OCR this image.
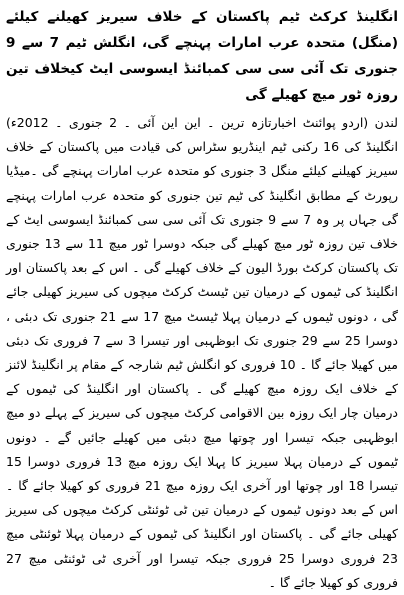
انگلینڈ کرکٹ ٹیم پاکستان کے خلاف سیریز کھیلنے کیلئے (منگل) متحدہ عرب امارات پہنچے گی، انگلش ٹیم 7 سے 9 جنوری تک آئی سی سی کمبائنڈ ایسوسی ایٹ کیخلاف تین روزہ ٹور میچ کھیلے گی

لندن (اردو پوائنٹ اخبارتازہ ترین ۔ این این آئی ۔ 2 جنوری ۔ 2012ء) انگلینڈ کی 16 رکنی ٹیم اینڈریو سٹراس کی قیادت میں پاکستان کے خلاف سیریز کھیلنے کیلئے منگل 3 جنوری کو متحدہ عرب امارات پہنچے گی ۔میڈیا رپورٹ کے مطابق انگلینڈ کی ٹیم تین جنوری کو متحدہ عرب امارات پہنچے گی جہاں پر وہ 7 سے 9 جنوری تک آئی سی سی کمبائنڈ ایسوسی ایٹ کے خلاف تین روزہ ٹور میچ کھیلے گی جبکہ دوسرا ٹور میچ 11 سے 13 جنوری تک پاکستان کرکٹ بورڈ الیون کے خلاف کھیلے گی ۔ اس کے بعد پاکستان اور انگلینڈ کی ٹیموں کے درمیان تین ٹیسٹ کرکٹ میچوں کی سیریز کھیلی جائے گی ، دونوں ٹیموں کے درمیان پہلا ٹیسٹ میچ 17 سے 21 جنوری تک دبئی ، دوسرا 25 سے 29 جنوری تک ابوظہبی اور تیسرا 3 سے 7 فروری تک دبئی میں کھیلا جائے گا ۔ 10 فروری کو انگلش ٹیم شارجہ کے مقام پر انگلینڈ لائنز کے خلاف ایک روزہ میچ کھیلے گی ۔ پاکستان اور انگلینڈ کی ٹیموں کے درمیان چار ایک روزہ بین الاقوامی کرکٹ میچوں کی سیریز کے پہلے دو میچ ابوظہبی جبکہ تیسرا اور چوتھا میچ دبئی میں کھیلے جائیں گے ۔ دونوں ٹیموں کے درمیان پہلا سیریز کا پہلا ایک روزہ میچ 13 فروری دوسرا 15 تیسرا 18 اور چوتھا اور آخری ایک روزہ میچ 21 فروری کو کھیلا جائے گا ۔ اس کے بعد دونوں ٹیموں کے درمیان تین ٹی ٹوئنٹی کرکٹ میچوں کی سیریز کھیلی جائے گی ۔ پاکستان اور انگلینڈ کی ٹیموں کے درمیان پہلا ٹوئنٹی میچ 23 فروری دوسرا 25 فروری جبکہ تیسرا اور آخری ٹی ٹوئنٹی میچ 27 فروری کو کھیلا جائے گا ۔
